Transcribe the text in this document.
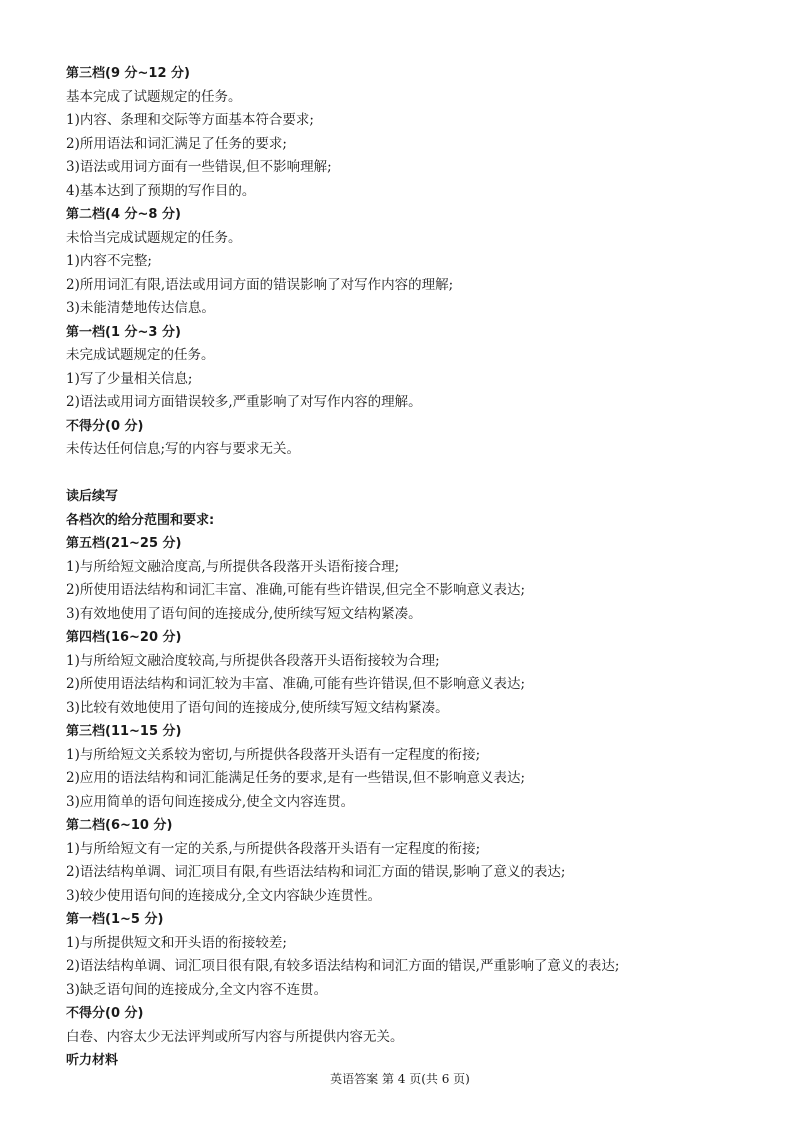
第三档(9 分~12 分)
基本完成了试题规定的任务。
1)内容、条理和交际等方面基本符合要求;
2)所用语法和词汇满足了任务的要求;
3)语法或用词方面有一些错误,但不影响理解;
4)基本达到了预期的写作目的。
第二档(4 分~8 分)
未恰当完成试题规定的任务。
1)内容不完整;
2)所用词汇有限,语法或用词方面的错误影响了对写作内容的理解;
3)未能清楚地传达信息。
第一档(1 分~3 分)
未完成试题规定的任务。
1)写了少量相关信息;
2)语法或用词方面错误较多,严重影响了对写作内容的理解。
不得分(0 分)
未传达任何信息;写的内容与要求无关。
读后续写
各档次的给分范围和要求:
第五档(21~25 分)
1)与所给短文融洽度高,与所提供各段落开头语衔接合理;
2)所使用语法结构和词汇丰富、准确,可能有些许错误,但完全不影响意义表达;
3)有效地使用了语句间的连接成分,使所续写短文结构紧凑。
第四档(16~20 分)
1)与所给短文融洽度较高,与所提供各段落开头语衔接较为合理;
2)所使用语法结构和词汇较为丰富、准确,可能有些许错误,但不影响意义表达;
3)比较有效地使用了语句间的连接成分,使所续写短文结构紧凑。
第三档(11~15 分)
1)与所给短文关系较为密切,与所提供各段落开头语有一定程度的衔接;
2)应用的语法结构和词汇能满足任务的要求,是有一些错误,但不影响意义表达;
3)应用简单的语句间连接成分,使全文内容连贯。
第二档(6~10 分)
1)与所给短文有一定的关系,与所提供各段落开头语有一定程度的衔接;
2)语法结构单调、词汇项目有限,有些语法结构和词汇方面的错误,影响了意义的表达;
3)较少使用语句间的连接成分,全文内容缺少连贯性。
第一档(1~5 分)
1)与所提供短文和开头语的衔接较差;
2)语法结构单调、词汇项目很有限,有较多语法结构和词汇方面的错误,严重影响了意义的表达;
3)缺乏语句间的连接成分,全文内容不连贯。
不得分(0 分)
白卷、内容太少无法评判或所写内容与所提供内容无关。
听力材料
英语答案 第 4 页(共 6 页)
